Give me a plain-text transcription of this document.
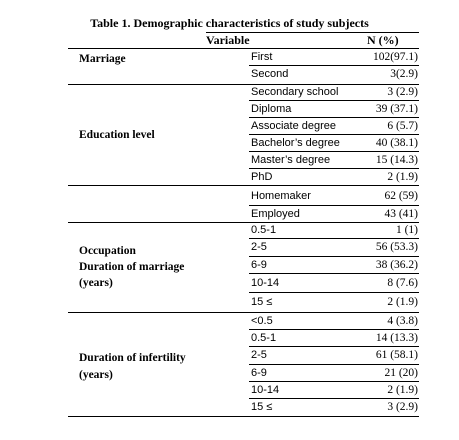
Table 1. Demographic characteristics of study subjects
Variable	N (%)
Marriage
Education level
Occupation
Duration of marriage
(years)
Duration of infertility
(years)
First
Second
Secondary school
Diploma
Associate degree
Bachelor’s degree
Master’s degree
PhD
Homemaker
Employed
0.5-1
2-5
6-9
10-14
15 ≤
<0.5
0.5-1
2-5
6-9
10-14
15 ≤
102(97.1)
3(2.9)
3 (2.9)
39 (37.1)
6 (5.7)
40 (38.1)
15 (14.3)
2 (1.9)
62 (59)
43 (41)
1 (1)
56 (53.3)
38 (36.2)
8 (7.6)
2 (1.9)
4 (3.8)
14 (13.3)
61 (58.1)
21 (20)
2 (1.9)
3 (2.9)
